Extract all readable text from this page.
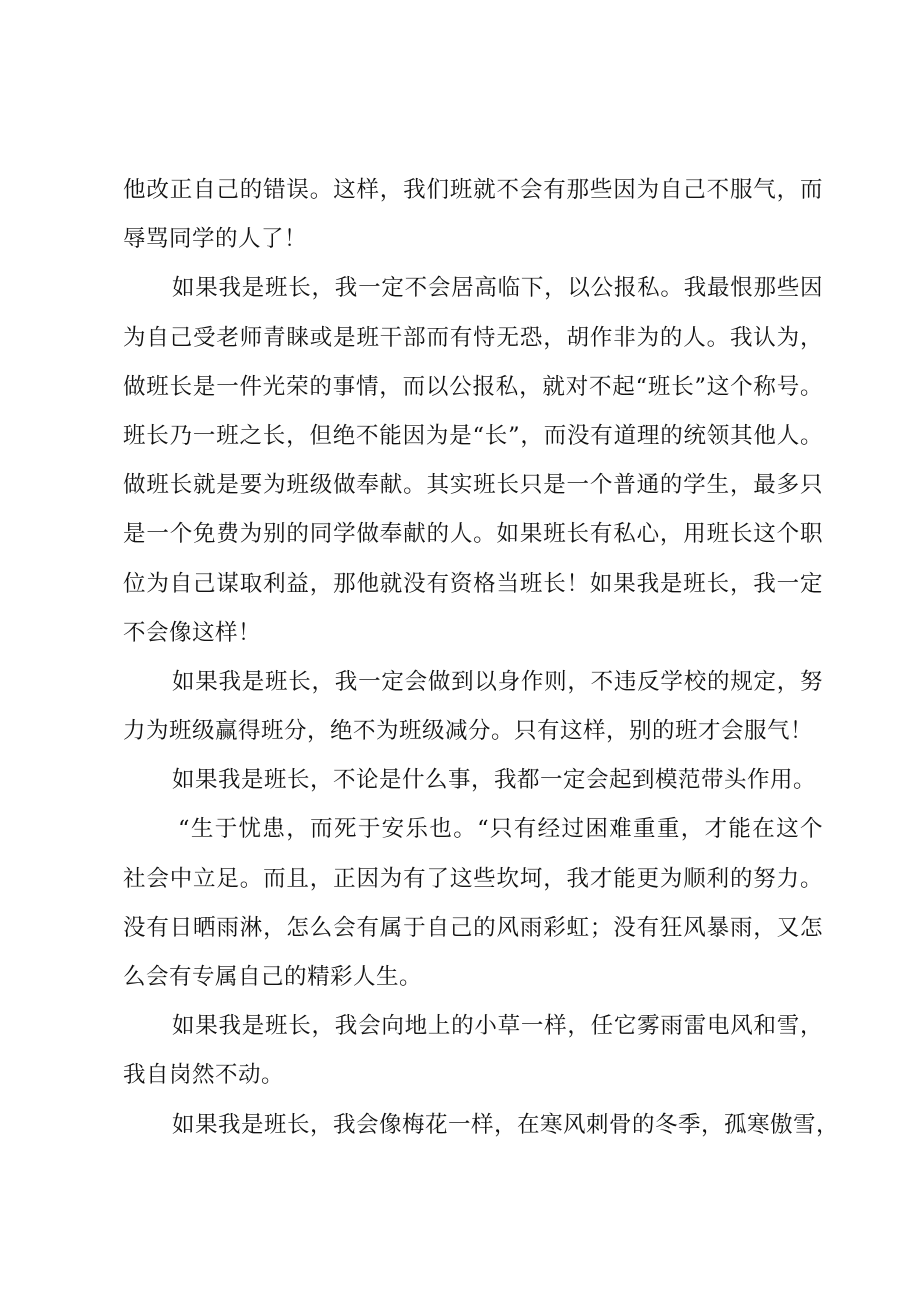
他改正自己的错误。这样，我们班就不会有那些因为自己不服气，而
辱骂同学的人了！
如果我是班长，我一定不会居高临下，以公报私。我最恨那些因
为自己受老师青睐或是班干部而有恃无恐，胡作非为的人。我认为，
做班长是一件光荣的事情，而以公报私，就对不起“班长”这个称号。
班长乃一班之长，但绝不能因为是“长”，而没有道理的统领其他人。
做班长就是要为班级做奉献。其实班长只是一个普通的学生，最多只
是一个免费为别的同学做奉献的人。如果班长有私心，用班长这个职
位为自己谋取利益，那他就没有资格当班长！如果我是班长，我一定
不会像这样！
如果我是班长，我一定会做到以身作则，不违反学校的规定，努
力为班级赢得班分，绝不为班级减分。只有这样，别的班才会服气！
如果我是班长，不论是什么事，我都一定会起到模范带头作用。
“生于忧患，而死于安乐也。“只有经过困难重重，才能在这个
社会中立足。而且，正因为有了这些坎坷，我才能更为顺利的努力。
没有日晒雨淋，怎么会有属于自己的风雨彩虹；没有狂风暴雨，又怎
么会有专属自己的精彩人生。
如果我是班长，我会向地上的小草一样，任它雾雨雷电风和雪，
我自岗然不动。
如果我是班长，我会像梅花一样，在寒风刺骨的冬季，孤寒傲雪，
